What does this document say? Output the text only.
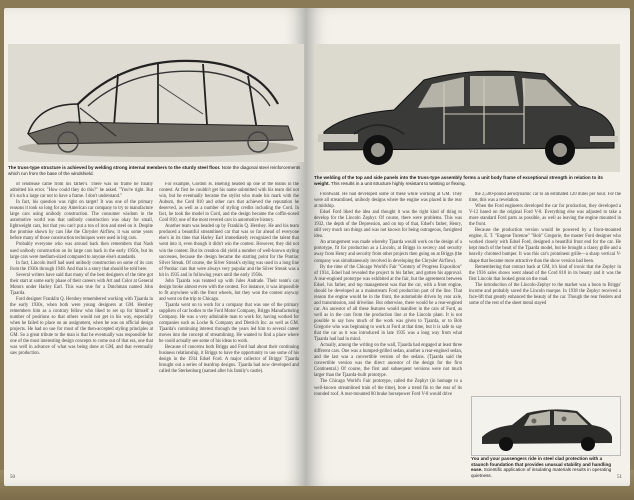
The truss-type structure is achieved by welding strong internal members to the sturdy steel floor. Note the diagonal steel reinforcements which run from the base of the windshield.

of lendlease came from his father's. There was no frame he finally admitted his error. "How could they do this?" he asked. "You're right. But it's such a large car not to have a frame. I don't understand."

In fact, his question was right on target! It was one of the primary reasons it took so long for any American car company to try to manufacture large cars using unibody construction. The consumer wisdom in the automotive world was that unibody construction was okay for small, lightweight cars, but that you can't put a ton of iron and steel on it. Despite the promise shown by cars like the Chrysler Airflow, it was some years before many of those construction techniques were used in big cars.

Probably everyone who was around back then remembers that Nash used unibody construction on its large cars back in the early 1950s, but its large cars were medium-sized compared to anyone else's standards.

In fact, Lincoln itself had used unibody construction on some of its cars from the 1930s through 1948. And that is a story that should be told here.

Several writers have said that many of the best designers of the time got their start at some early phase of their careers with Art and Color at General Motors under Harley Earl. This was true for a Dutchman named John Tjaarda.

Ford designer Franklin Q. Hershey remembered working with Tjaarda in the early 1930s, when both were young designers at GM. Hershey remembers him as a contrary fellow who liked to set up for himself a number of positions so that others would not get in his way, especially when he failed to place on an assignment, when he was on official design projects. He had no use for most of the then-accepted styling principles at GM. So a great tribute to the man is that he eventually was responsible for one of the most interesting design concepts to come out of that era, one that was well in advance of what was being done at GM, and that eventually saw production.

For example, Gordon H. Buehrig headed up one of the teams in the contest. At first he couldn't get his name submitted with his team did not win, but he eventually became the stylist who made his mark with the Auburn, the Cord 810 and other cars that achieved the reputation he deserved, as well as a number of styling credits including the Cord. In fact, he took the model to Cord, and the design became the coffin-nosed Cord 810, one of the most revered cars in automotive history.

Another team was headed up by Franklin Q. Hershey. He and his team produced a beautiful streamlined car that was so far ahead of everyone else's in its time that Harley Earl immediately recognized the talent that went into it, even though it didn't win the contest. However, they did not win the contest. But its creation did yield a number of well-known styling successes, because the design became the starting point for the Pontiac Silver Streak. Of course, the Silver Streak's styling was used in a long line of Pontiac cars that were always very popular and the Silver Streak was a hit in 1935 and in following years until the early 1950s.

John Tjaarda was teamed up with Jules Andrade. Their team's car design broke almost even with the contest. For instance, it was impossible to fit anywhere with the front wheels, but they won the contest anyway and went on the trip to Chicago.

Tjaarda went on to work for a company that was one of the primary suppliers of car bodies to the Ford Motor Company, Briggs Manufacturing Company. He was a very admirable man to work for, having worked for companies such as Locke & Company and Dietrich Inc. as well as GM. Tjaarda's continuing interest through the years led him to several career moves into the concept of streamlining. He wanted to find a place where he could actually see some of his ideas to work.

Because of concerns both Briggs and Ford had about their continuing business relationship, it Briggs to have the opportunity to use some of his design in the 1934 Edsel Ford. A major collector of Briggs' Tjaarda brought out a series of teardrop designs. Tjaarda had now developed and called the Sterkenburg (named after his family's castle).

50
The welding of the top and side panels into the truss-type assembly forms a unit body frame of exceptional strength in relation to its weight. This results in a unit structure highly resistant to twisting or flexing.

Frontwald. He had developed some of these while working at GM. They were all streamlined, unibody designs where the engine was placed in the rear at midship.

Edsel Ford liked the idea and thought it was the right kind of thing to develop for the Lincoln Zephyr. Of course, there were problems. This was 1932, the depth of the Depression, and on top of that, Edsel's father, Henry, still very much ran things and was not known for being outrageous, farsighted idea.

An arrangement was made whereby Tjaarda would work on the design of a prototype, fit for production as a Lincoln, at Briggs in secrecy and security away from Henry and security from other projects then going on at Briggs (the company was simultaneously involved in developing the Chrysler Airflow).

By the time of the Chicago World's Fair "Century of Progress Exposition" of 1934, Edsel had revealed the project to his father, and gotten his approval. A rear-engined prototype was exhibited at the fair, but the agreement between Edsel, his father, and top management was that the car, with a front engine, should be developed as a mainstream Ford production part of the line. That reason the engine would be in the front, the automobile driven by rear axle, and transmission, and driveline. But otherwise, there would be a rear-engined car. An ancestor of all these features would manifest in the cars of Ford, as well as in the cars from the production line at the Lincoln plant. It is not possible to say how much of the work was given to Tjaarda, or to Bob Gregorie who was beginning to work at Ford at that time, but it is safe to say that the car as it was introduced in late 1935 was a long way from what Tjaarda had had in mind.

Actually, among the writing on the wall, Tjaarda had engaged at least three different cars. One was a humped-grilled sedan, another a rear-engined sedan, and the last was a convertible version of the sedans. (Tjaarda said the convertible version was the direct ancestor of the design for the first Continental.) Of course, the first and subsequent versions were not much larger than the Tjaarda-built prototype.

The Chicago World's Fair prototype, called the Zephyr (in homage to a well-known streamlined train of the time), bore a trend fin to the rear of its rounded roof. A rear-mounted 80 brake horsepower Ford V-8 would drive

the 2,500-pound aerodynamic car to an estimated 120 miles per hour. For the time, this was a revelation.

When the Ford engineers developed the car for production, they developed a V-12 based on the original Ford V-8. Everything else was adjusted to take a more standard Ford parts as possible, as well as leaving the engine mounted in the front.

Because the production version would be powered by a front-mounted engine, E. T. "Eugene Turenne" "Bob" Gregorie, the master Ford designer who worked closely with Edsel Ford, designed a beautiful front end for the car. He kept much of the heart of the Tjaarda model, but he brought a classy grille and a heavily chromed bumper. It was this car's prominent grille—a sharp vertical V-shape that became more attractive than the show version had been.

Remembering that contact back at GM, it's kind of ironic that the Zephyr in the 1936 sales shows went ahead of the Cord 810 in its beauty and it was the first Lincoln that looked great on the road.

The introduction of the Lincoln-Zephyr to the market was a boon to Briggs' income and probably saved the Lincoln marque. In 1938 the Zephyr received a face-lift that greatly enhanced the beauty of the car. Though the rear fenders and some of the rest of the sheet metal stayed

You and your passengers ride in steel clad protection with a staunch foundation that provides unusual stability and handling ease. Scientific application of insulating materials results in operating quietness.	51
